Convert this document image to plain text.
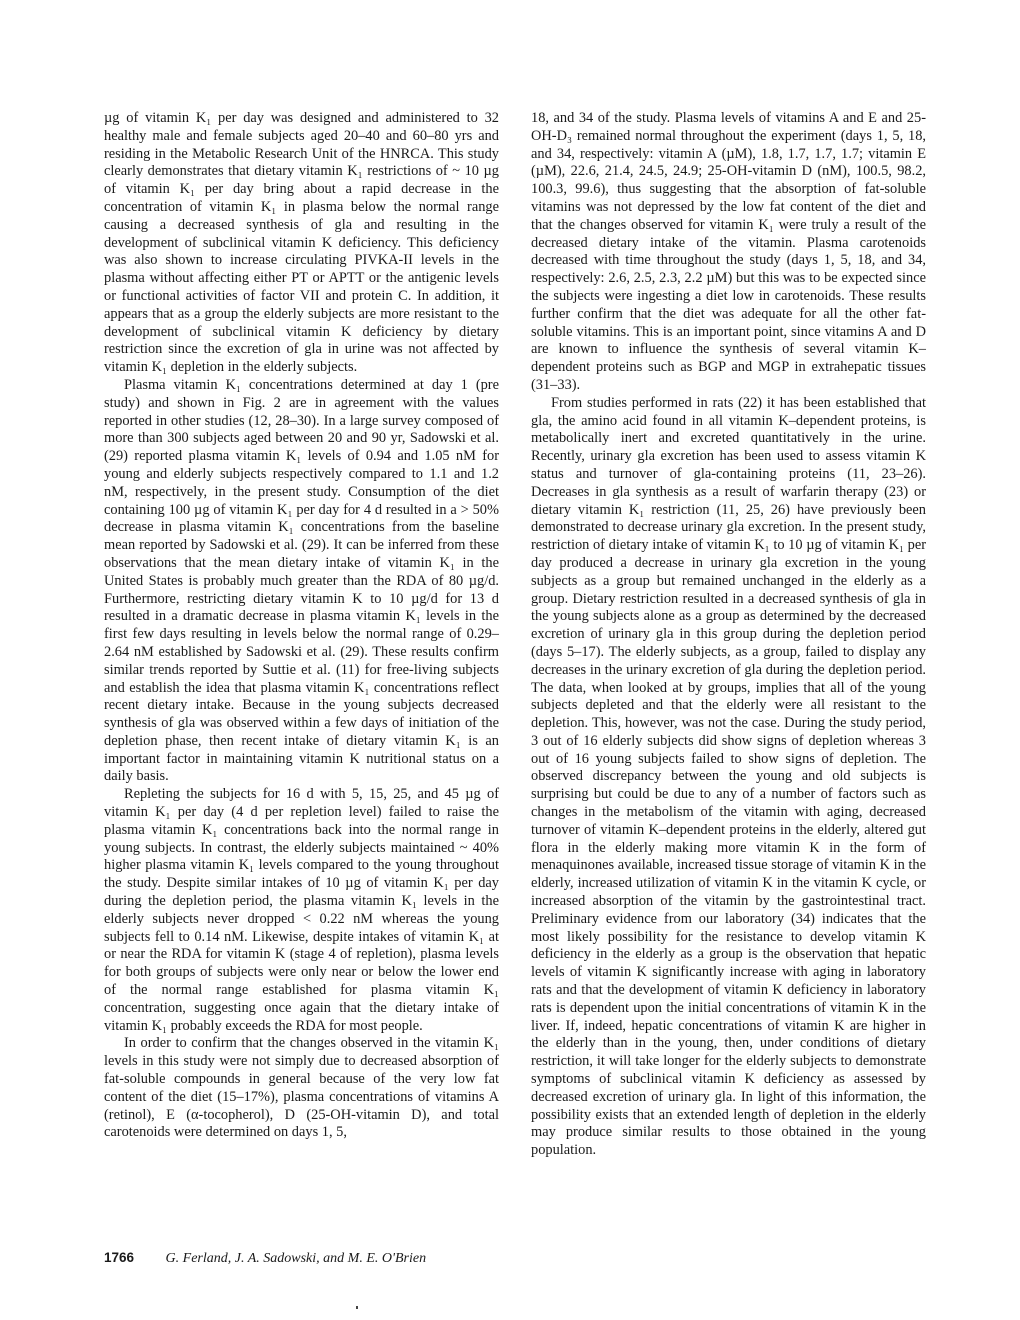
µg of vitamin K₁ per day was designed and administered to 32 healthy male and female subjects aged 20–40 and 60–80 yrs and residing in the Metabolic Research Unit of the HNRCA. This study clearly demonstrates that dietary vitamin K₁ restrictions of ~ 10 µg of vitamin K₁ per day bring about a rapid decrease in the concentration of vitamin K₁ in plasma below the normal range causing a decreased synthesis of gla and resulting in the development of subclinical vitamin K deficiency. This deficiency was also shown to increase circulating PIVKA-II levels in the plasma without affecting either PT or APTT or the antigenic levels or functional activities of factor VII and protein C. In addition, it appears that as a group the elderly subjects are more resistant to the development of subclinical vitamin K deficiency by dietary restriction since the excretion of gla in urine was not affected by vitamin K₁ depletion in the elderly subjects.

Plasma vitamin K₁ concentrations determined at day 1 (pre study) and shown in Fig. 2 are in agreement with the values reported in other studies (12, 28–30). In a large survey composed of more than 300 subjects aged between 20 and 90 yr, Sadowski et al. (29) reported plasma vitamin K₁ levels of 0.94 and 1.05 nM for young and elderly subjects respectively compared to 1.1 and 1.2 nM, respectively, in the present study. Consumption of the diet containing 100 µg of vitamin K₁ per day for 4 d resulted in a > 50% decrease in plasma vitamin K₁ concentrations from the baseline mean reported by Sadowski et al. (29). It can be inferred from these observations that the mean dietary intake of vitamin K₁ in the United States is probably much greater than the RDA of 80 µg/d. Furthermore, restricting dietary vitamin K to 10 µg/d for 13 d resulted in a dramatic decrease in plasma vitamin K₁ levels in the first few days resulting in levels below the normal range of 0.29–2.64 nM established by Sadowski et al. (29). These results confirm similar trends reported by Suttie et al. (11) for free-living subjects and establish the idea that plasma vitamin K₁ concentrations reflect recent dietary intake. Because in the young subjects decreased synthesis of gla was observed within a few days of initiation of the depletion phase, then recent intake of dietary vitamin K₁ is an important factor in maintaining vitamin K nutritional status on a daily basis.

Repleting the subjects for 16 d with 5, 15, 25, and 45 µg of vitamin K₁ per day (4 d per repletion level) failed to raise the plasma vitamin K₁ concentrations back into the normal range in young subjects. In contrast, the elderly subjects maintained ~ 40% higher plasma vitamin K₁ levels compared to the young throughout the study. Despite similar intakes of 10 µg of vitamin K₁ per day during the depletion period, the plasma vitamin K₁ levels in the elderly subjects never dropped < 0.22 nM whereas the young subjects fell to 0.14 nM. Likewise, despite intakes of vitamin K₁ at or near the RDA for vitamin K (stage 4 of repletion), plasma levels for both groups of subjects were only near or below the lower end of the normal range established for plasma vitamin K₁ concentration, suggesting once again that the dietary intake of vitamin K₁ probably exceeds the RDA for most people.

In order to confirm that the changes observed in the vitamin K₁ levels in this study were not simply due to decreased absorption of fat-soluble compounds in general because of the very low fat content of the diet (15–17%), plasma concentrations of vitamins A (retinol), E (α-tocopherol), D (25-OH-vitamin D), and total carotenoids were determined on days 1, 5,

18, and 34 of the study. Plasma levels of vitamins A and E and 25-OH-D₃ remained normal throughout the experiment (days 1, 5, 18, and 34, respectively: vitamin A (µM), 1.8, 1.7, 1.7, 1.7; vitamin E (µM), 22.6, 21.4, 24.5, 24.9; 25-OH-vitamin D (nM), 100.5, 98.2, 100.3, 99.6), thus suggesting that the absorption of fat-soluble vitamins was not depressed by the low fat content of the diet and that the changes observed for vitamin K₁ were truly a result of the decreased dietary intake of the vitamin. Plasma carotenoids decreased with time throughout the study (days 1, 5, 18, and 34, respectively: 2.6, 2.5, 2.3, 2.2 µM) but this was to be expected since the subjects were ingesting a diet low in carotenoids. These results further confirm that the diet was adequate for all the other fat-soluble vitamins. This is an important point, since vitamins A and D are known to influence the synthesis of several vitamin K–dependent proteins such as BGP and MGP in extrahepatic tissues (31–33).

From studies performed in rats (22) it has been established that gla, the amino acid found in all vitamin K–dependent proteins, is metabolically inert and excreted quantitatively in the urine. Recently, urinary gla excretion has been used to assess vitamin K status and turnover of gla-containing proteins (11, 23–26). Decreases in gla synthesis as a result of warfarin therapy (23) or dietary vitamin K₁ restriction (11, 25, 26) have previously been demonstrated to decrease urinary gla excretion. In the present study, restriction of dietary intake of vitamin K₁ to 10 µg of vitamin K₁ per day produced a decrease in urinary gla excretion in the young subjects as a group but remained unchanged in the elderly as a group. Dietary restriction resulted in a decreased synthesis of gla in the young subjects alone as a group as determined by the decreased excretion of urinary gla in this group during the depletion period (days 5–17). The elderly subjects, as a group, failed to display any decreases in the urinary excretion of gla during the depletion period. The data, when looked at by groups, implies that all of the young subjects depleted and that the elderly were all resistant to the depletion. This, however, was not the case. During the study period, 3 out of 16 elderly subjects did show signs of depletion whereas 3 out of 16 young subjects failed to show signs of depletion. The observed discrepancy between the young and old subjects is surprising but could be due to any of a number of factors such as changes in the metabolism of the vitamin with aging, decreased turnover of vitamin K–dependent proteins in the elderly, altered gut flora in the elderly making more vitamin K in the form of menaquinones available, increased tissue storage of vitamin K in the elderly, increased utilization of vitamin K in the vitamin K cycle, or increased absorption of the vitamin by the gastrointestinal tract. Preliminary evidence from our laboratory (34) indicates that the most likely possibility for the resistance to develop vitamin K deficiency in the elderly as a group is the observation that hepatic levels of vitamin K significantly increase with aging in laboratory rats and that the development of vitamin K deficiency in laboratory rats is dependent upon the initial concentrations of vitamin K in the liver. If, indeed, hepatic concentrations of vitamin K are higher in the elderly than in the young, then, under conditions of dietary restriction, it will take longer for the elderly subjects to demonstrate symptoms of subclinical vitamin K deficiency as assessed by decreased excretion of urinary gla. In light of this information, the possibility exists that an extended length of depletion in the elderly may produce similar results to those obtained in the young population.

1766 G. Ferland, J. A. Sadowski, and M. E. O'Brien
